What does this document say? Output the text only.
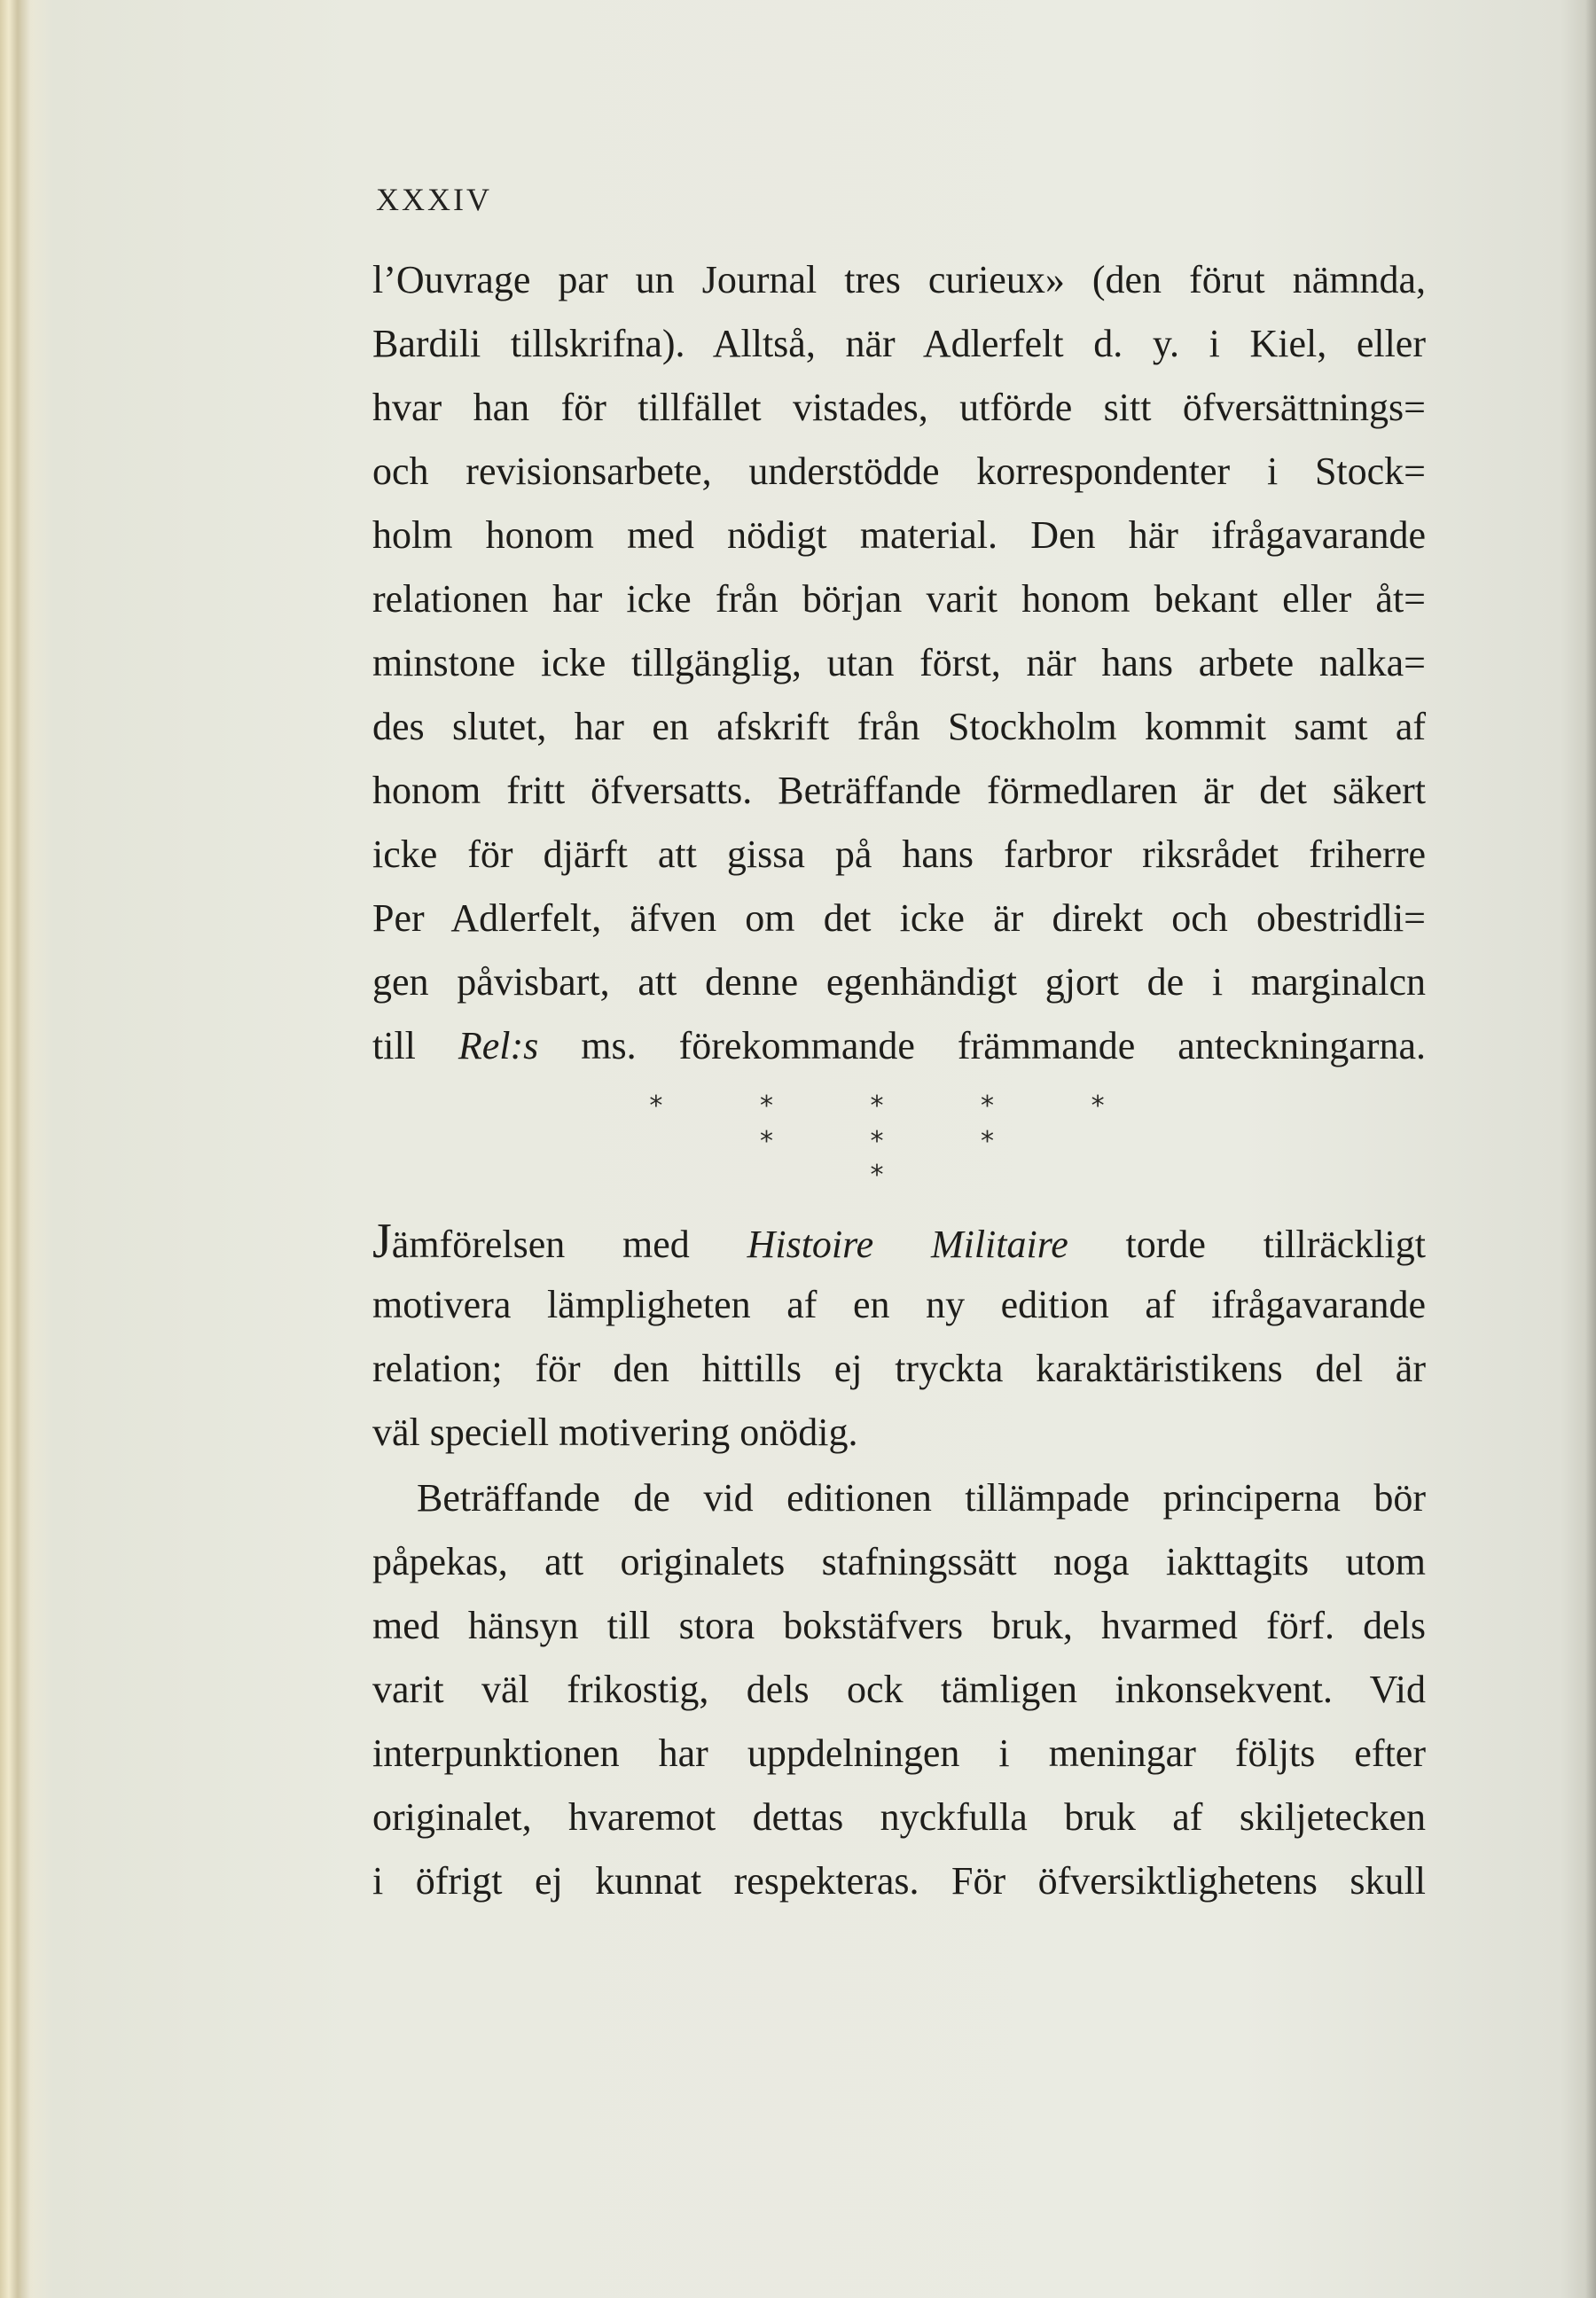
XXXIV
l’Ouvrage par un Journal tres curieux» (den förut nämnda,
Bardili tillskrifna). Alltså, när Adlerfelt d. y. i Kiel, eller
hvar han för tillfället vistades, utförde sitt öfversättnings=
och revisionsarbete, understödde korrespondenter i Stock=
holm honom med nödigt material. Den här ifrågavarande
relationen har icke från början varit honom bekant eller åt=
minstone icke tillgänglig, utan först, när hans arbete nalka=
des slutet, har en afskrift från Stockholm kommit samt af
honom fritt öfversatts. Beträffande förmedlaren är det säkert
icke för djärft att gissa på hans farbror riksrådet friherre
Per Adlerfelt, äfven om det icke är direkt och obestridli=
gen påvisbart, att denne egenhändigt gjort de i marginalcn
till Rel:s ms. förekommande främmande anteckningarna.
* * * * *
* * *
*
Jämförelsen med Histoire Militaire torde tillräckligt
motivera lämpligheten af en ny edition af ifrågavarande
relation; för den hittills ej tryckta karaktäristikens del är
väl speciell motivering onödig.
Beträffande de vid editionen tillämpade principerna bör
påpekas, att originalets stafningssätt noga iakttagits utom
med hänsyn till stora bokstäfvers bruk, hvarmed förf. dels
varit väl frikostig, dels ock tämligen inkonsekvent. Vid
interpunktionen har uppdelningen i meningar följts efter
originalet, hvaremot dettas nyckfulla bruk af skiljetecken
i öfrigt ej kunnat respekteras. För öfversiktlighetens skull
